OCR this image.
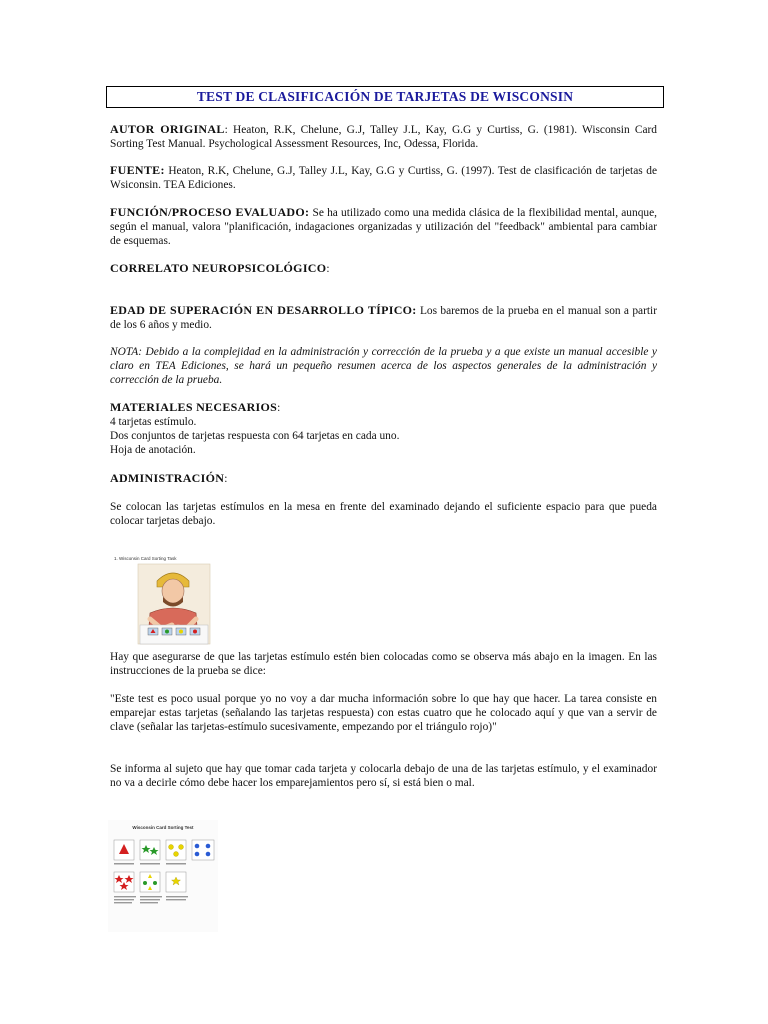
TEST DE CLASIFICACIÓN DE TARJETAS DE WISCONSIN
AUTOR ORIGINAL: Heaton, R.K, Chelune, G.J, Talley J.L, Kay, G.G y Curtiss, G. (1981). Wisconsin Card Sorting Test Manual. Psychological Assessment Resources, Inc, Odessa, Florida.
FUENTE: Heaton, R.K, Chelune, G.J, Talley J.L, Kay, G.G y Curtiss, G. (1997). Test de clasificación de tarjetas de Wsiconsin. TEA Ediciones.
FUNCIÓN/PROCESO EVALUADO: Se ha utilizado como una medida clásica de la flexibilidad mental, aunque, según el manual, valora "planificación, indagaciones organizadas y utilización del "feedback" ambiental para cambiar de esquemas.
CORRELATO NEUROPSICOLÓGICO:
EDAD DE SUPERACIÓN EN DESARROLLO TÍPICO: Los baremos de la prueba en el manual son a partir de los 6 años y medio.
NOTA: Debido a la complejidad en la administración y corrección de la prueba y a que existe un manual accesible y claro en TEA Ediciones, se hará un pequeño resumen acerca de los aspectos generales de la administración y corrección de la prueba.
MATERIALES NECESARIOS:
4 tarjetas estímulo.
Dos conjuntos de tarjetas respuesta con 64 tarjetas en cada uno.
Hoja de anotación.
ADMINISTRACIÓN:
Se colocan las tarjetas estímulos en la mesa en frente del examinado dejando el suficiente espacio para que pueda colocar tarjetas debajo.
1. Wisconsin Card Sorting Task
Hay que asegurarse de que las tarjetas estímulo estén bien colocadas como se observa más abajo en la imagen. En las instrucciones de la prueba se dice:
"Este test es poco usual porque yo no voy a dar mucha información sobre lo que hay que hacer. La tarea consiste en emparejar estas tarjetas (señalando las tarjetas respuesta) con estas cuatro que he colocado aquí y que van a servir de clave (señalar las tarjetas-estímulo sucesivamente, empezando por el triángulo rojo)"
Se informa al sujeto que hay que tomar cada tarjeta y colocarla debajo de una de las tarjetas estímulo, y el examinador no va a decirle cómo debe hacer los emparejamientos pero sí, si está bien o mal.
Wisconsin Card Sorting Test
